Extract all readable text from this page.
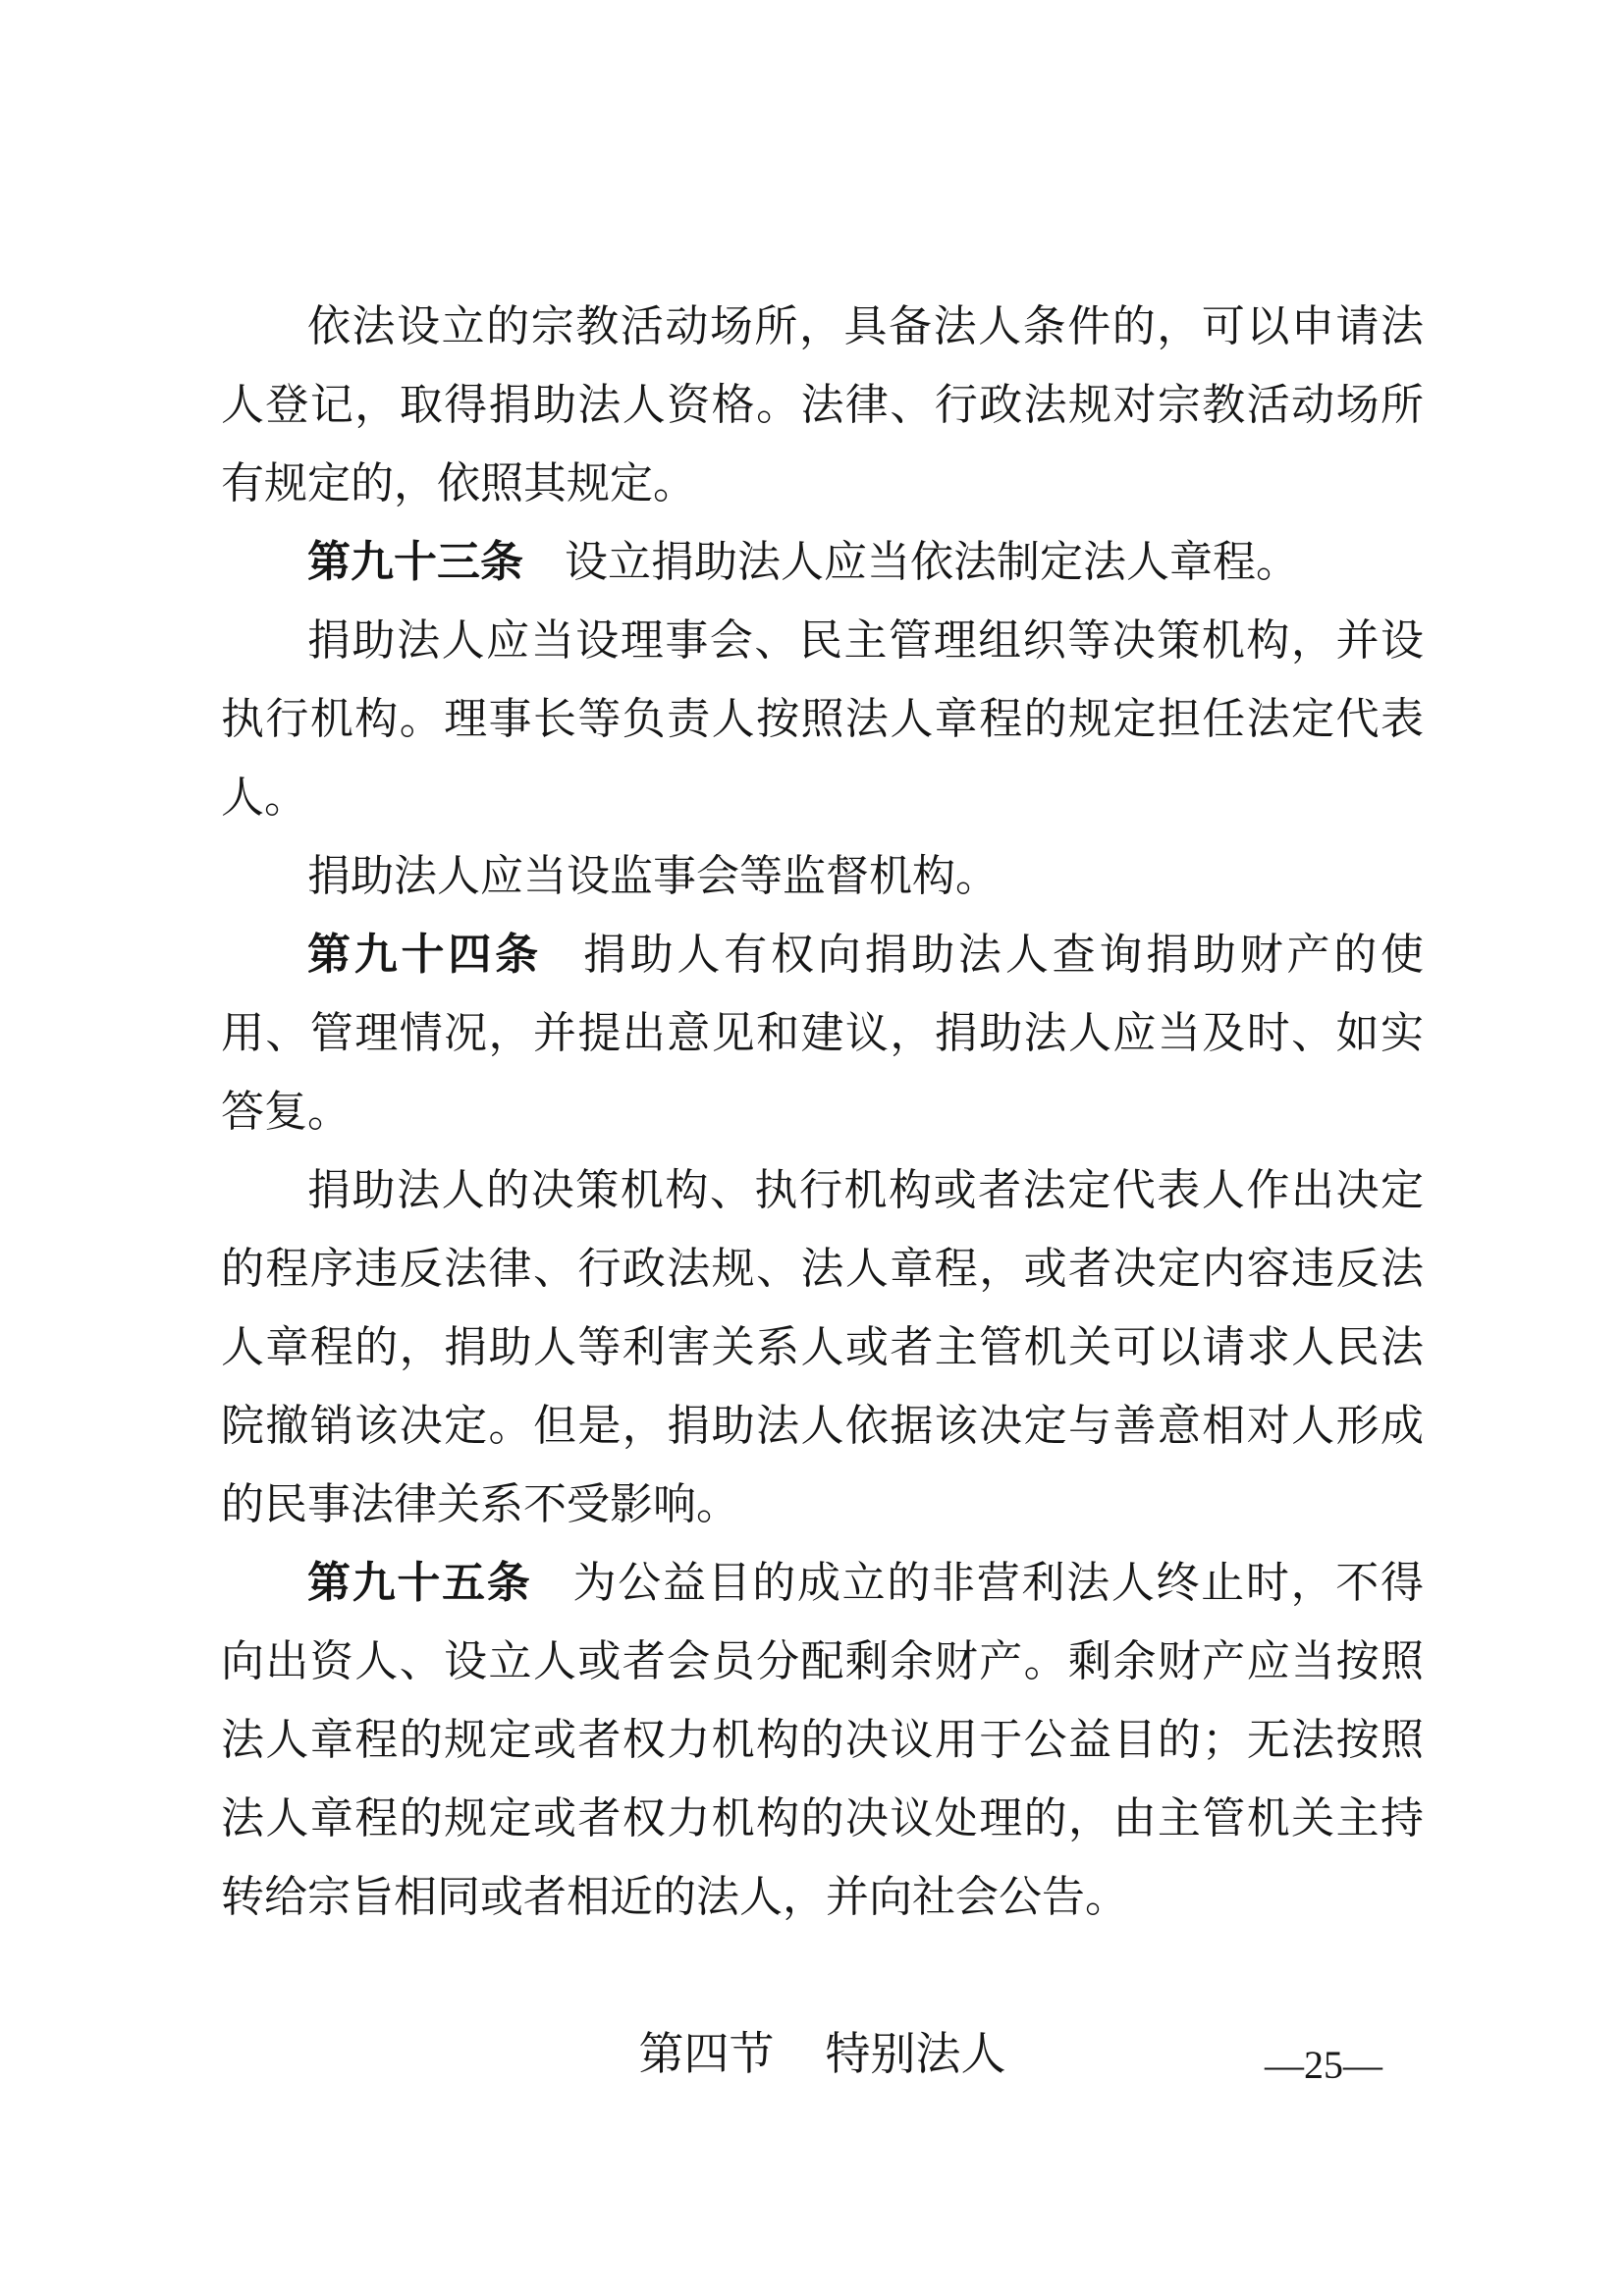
依法设立的宗教活动场所，具备法人条件的，可以申请法人登记，取得捐助法人资格。法律、行政法规对宗教活动场所有规定的，依照其规定。

第九十三条 设立捐助法人应当依法制定法人章程。

捐助法人应当设理事会、民主管理组织等决策机构，并设执行机构。理事长等负责人按照法人章程的规定担任法定代表人。

捐助法人应当设监事会等监督机构。

第九十四条 捐助人有权向捐助法人查询捐助财产的使用、管理情况，并提出意见和建议，捐助法人应当及时、如实答复。

捐助法人的决策机构、执行机构或者法定代表人作出决定的程序违反法律、行政法规、法人章程，或者决定内容违反法人章程的，捐助人等利害关系人或者主管机关可以请求人民法院撤销该决定。但是，捐助法人依据该决定与善意相对人形成的民事法律关系不受影响。

第九十五条 为公益目的成立的非营利法人终止时，不得向出资人、设立人或者会员分配剩余财产。剩余财产应当按照法人章程的规定或者权力机构的决议用于公益目的；无法按照法人章程的规定或者权力机构的决议处理的，由主管机关主持转给宗旨相同或者相近的法人，并向社会公告。

第四节 特别法人	—25—
